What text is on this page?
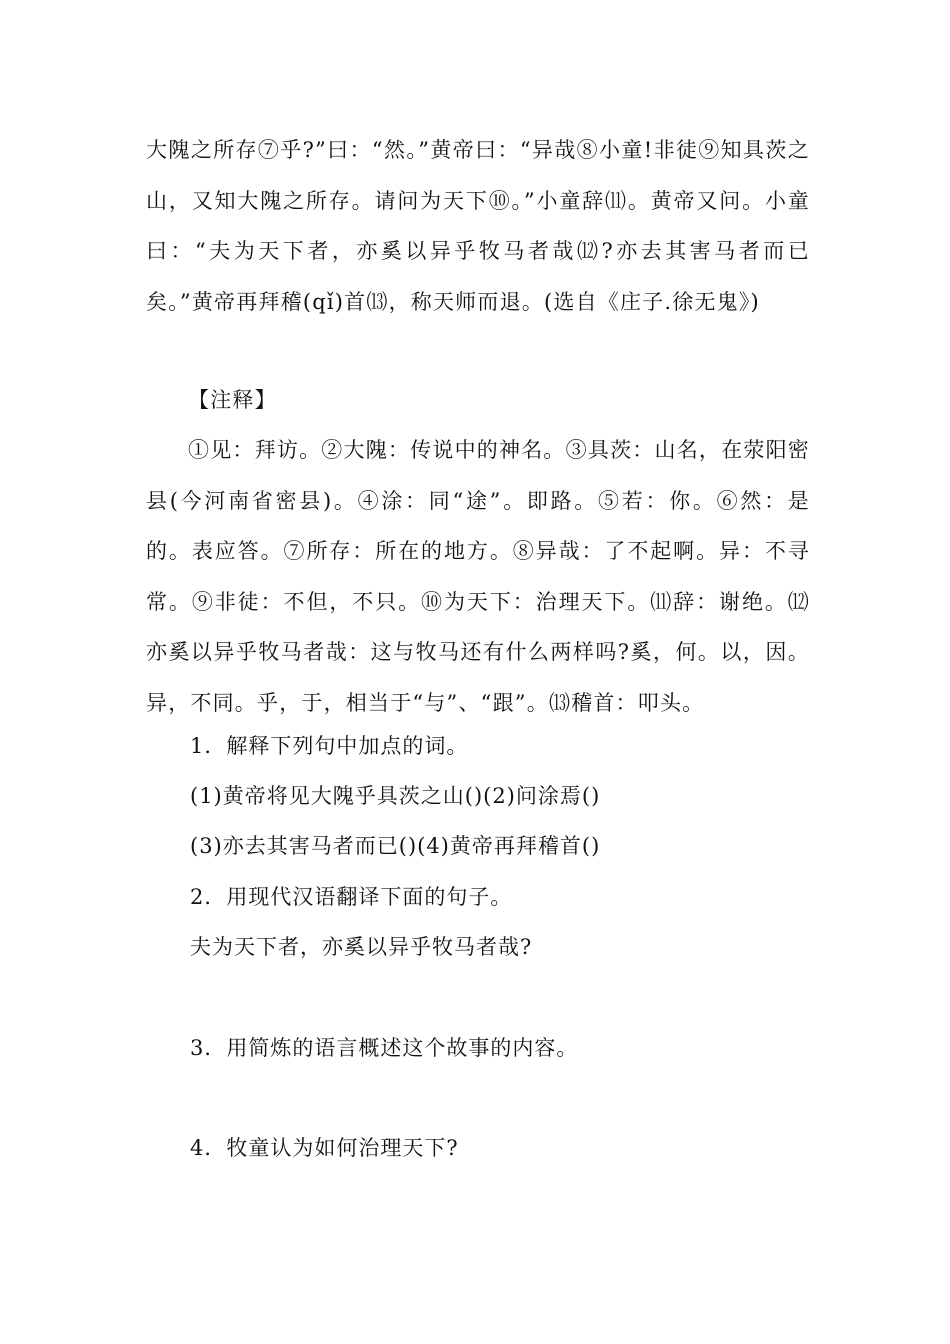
大隗之所存⑦乎?”曰：“然。”黄帝曰：“异哉⑧小童!非徒⑨知具茨之山，又知大隗之所存。请问为天下⑩。”小童辞⑾。黄帝又问。小童曰：“夫为天下者，亦奚以异乎牧马者哉⑿?亦去其害马者而已矣。”黄帝再拜稽(qǐ)首⒀，称天师而退。(选自《庄子.徐无鬼》)

【注释】

①见：拜访。②大隗：传说中的神名。③具茨：山名，在荥阳密县(今河南省密县)。④涂：同“途”。即路。⑤若：你。⑥然：是的。表应答。⑦所存：所在的地方。⑧异哉：了不起啊。异：不寻常。⑨非徒：不但，不只。⑩为天下：治理天下。⑾辞：谢绝。⑿亦奚以异乎牧马者哉：这与牧马还有什么两样吗?奚，何。以，因。异，不同。乎，于，相当于“与”、“跟”。⒀稽首：叩头。

1．解释下列句中加点的词。

(1)黄帝将见大隗乎具茨之山()(2)问涂焉()

(3)亦去其害马者而已()(4)黄帝再拜稽首()

2．用现代汉语翻译下面的句子。

夫为天下者，亦奚以异乎牧马者哉?

3．用简炼的语言概述这个故事的内容。

4．牧童认为如何治理天下?
